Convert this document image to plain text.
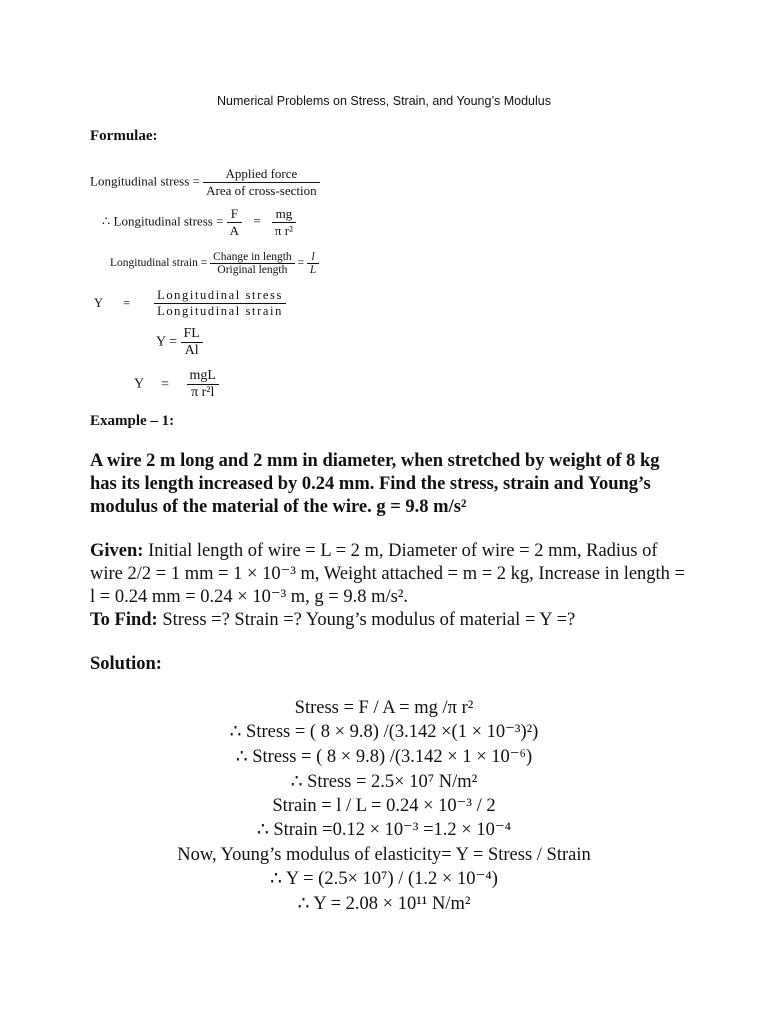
Numerical Problems on Stress, Strain, and Young’s Modulus
Formulae:
Longitudinal stress = $\frac{\text{Applied force}}{\text{Area of cross-section}}$
∴ Longitudinal stress = $\frac{F}{A} = \frac{mg}{\text{π r²}}$
Longitudinal strain = $\frac{\text{Change in length}}{\text{Original length}} = \frac{l}{L}$
$Y = \frac{\text{Longitudinal stress}}{\text{Longitudinal strain}}$
$Y = \frac{FL}{Al}$
$Y = \frac{\text{mgL}}{\text{π r²l}}$
Example – 1:
A wire 2 m long and 2 mm in diameter, when stretched by weight of 8 kg has its length increased by 0.24 mm. Find the stress, strain and Young’s modulus of the material of the wire. g = 9.8 m/s²
Given: Initial length of wire = L = 2 m, Diameter of wire = 2 mm, Radius of wire 2/2 = 1 mm = 1 × 10⁻³ m, Weight attached = m = 2 kg, Increase in length = l = 0.24 mm = 0.24 × 10⁻³ m, g = 9.8 m/s².
To Find: Stress =? Strain =? Young’s modulus of material = Y =?
Solution:
Stress = F / A = mg /π r²
∴ Stress = ( 8 × 9.8) /(3.142 ×(1 × 10⁻³)²)
∴ Stress = ( 8 × 9.8) /(3.142 × 1 × 10⁻⁶)
∴ Stress = 2.5× 10⁷ N/m²
Strain = l / L = 0.24 × 10⁻³ / 2
∴ Strain =0.12 × 10⁻³ =1.2 × 10⁻⁴
Now, Young’s modulus of elasticity= Y = Stress / Strain
∴ Y = (2.5× 10⁷) / (1.2 × 10⁻⁴)
∴ Y = 2.08 × 10¹¹ N/m²
